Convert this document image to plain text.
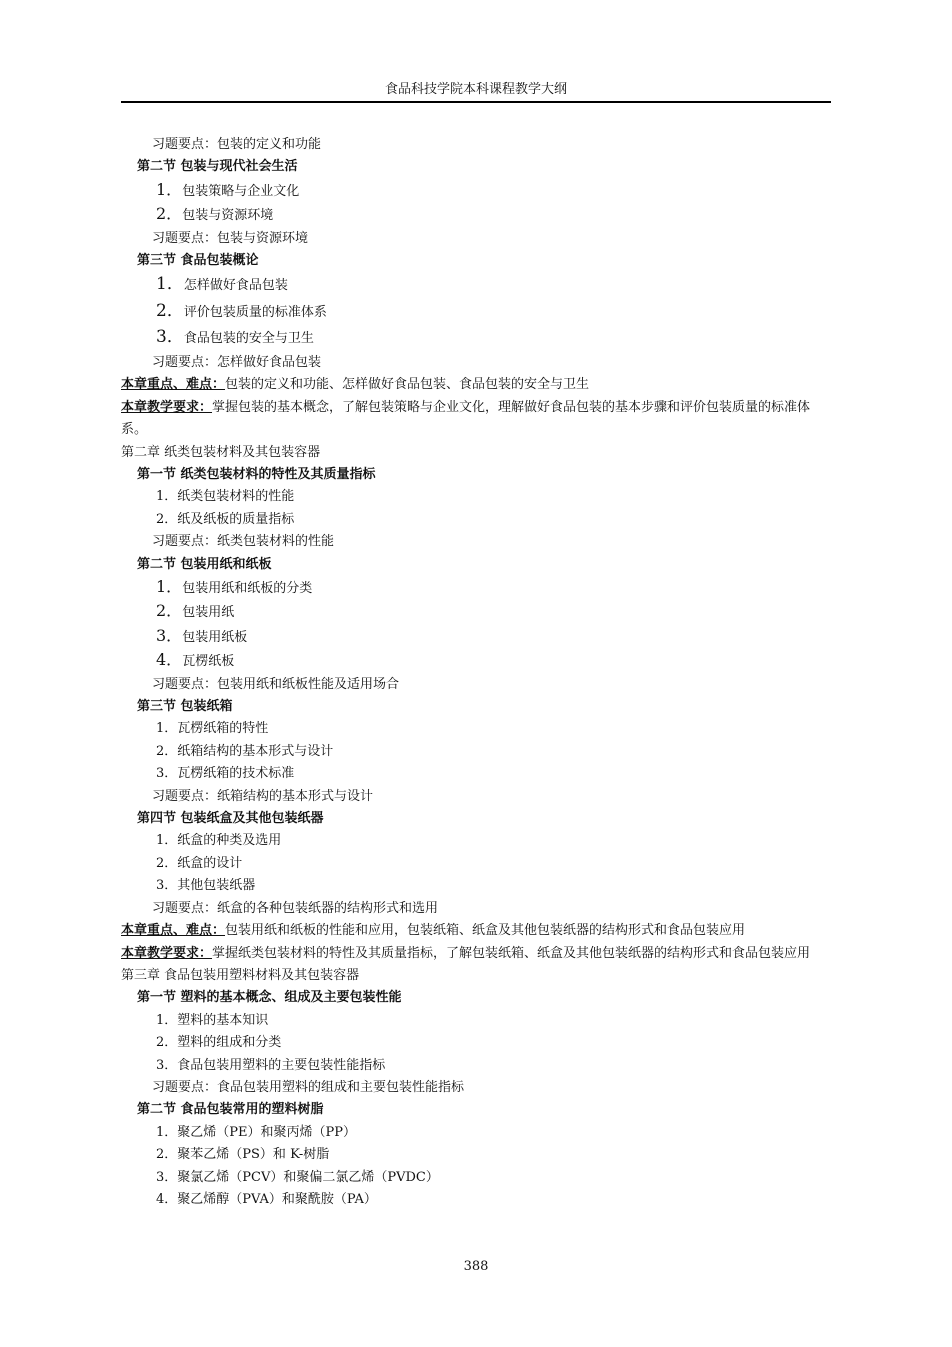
食品科技学院本科课程教学大纲
习题要点：包装的定义和功能
第二节 包装与现代社会生活
1．包装策略与企业文化
2．包装与资源环境
习题要点：包装与资源环境
第三节 食品包装概论
1．怎样做好食品包装
2．评价包装质量的标准体系
3．食品包装的安全与卫生
习题要点：怎样做好食品包装
本章重点、难点：包装的定义和功能、怎样做好食品包装、食品包装的安全与卫生
本章教学要求：掌握包装的基本概念，了解包装策略与企业文化，理解做好食品包装的基本步骤和评价包装质量的标准体系。
第二章 纸类包装材料及其包装容器
第一节 纸类包装材料的特性及其质量指标
1．纸类包装材料的性能
2．纸及纸板的质量指标
习题要点：纸类包装材料的性能
第二节 包装用纸和纸板
1．包装用纸和纸板的分类
2．包装用纸
3．包装用纸板
4．瓦楞纸板
习题要点：包装用纸和纸板性能及适用场合
第三节 包装纸箱
1．瓦楞纸箱的特性
2．纸箱结构的基本形式与设计
3．瓦楞纸箱的技术标准
习题要点：纸箱结构的基本形式与设计
第四节 包装纸盒及其他包装纸器
1．纸盒的种类及选用
2．纸盒的设计
3．其他包装纸器
习题要点：纸盒的各种包装纸器的结构形式和选用
本章重点、难点：包装用纸和纸板的性能和应用，包装纸箱、纸盒及其他包装纸器的结构形式和食品包装应用
本章教学要求：掌握纸类包装材料的特性及其质量指标，了解包装纸箱、纸盒及其他包装纸器的结构形式和食品包装应用
第三章 食品包装用塑料材料及其包装容器
第一节 塑料的基本概念、组成及主要包装性能
1．塑料的基本知识
2．塑料的组成和分类
3．食品包装用塑料的主要包装性能指标
习题要点：食品包装用塑料的组成和主要包装性能指标
第二节 食品包装常用的塑料树脂
1．聚乙烯（PE）和聚丙烯（PP）
2．聚苯乙烯（PS）和 K-树脂
3．聚氯乙烯（PCV）和聚偏二氯乙烯（PVDC）
4．聚乙烯醇（PVA）和聚酰胺（PA）
388
